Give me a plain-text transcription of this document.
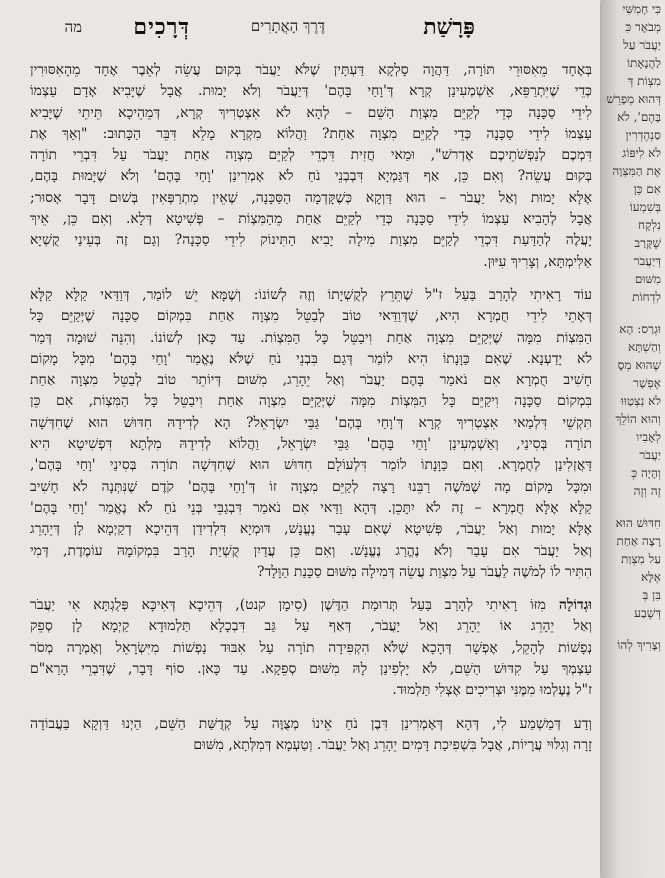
פָּרָשַׁת
דֶּרֶךְ הָאֲתָרִים
דְּרָכִים
מה
בְּאֶחָד מֵאִסּוּרֵי תּוֹרָה, דַּהֲוָה סָלְקָא דַּעְתָּין שֶׁלֹּא יַעֲבֹר בְּקוּם עֲשֵׂה לְאֵבֶר אֶחָד מֵהָאִסּוּרִין
כְּדֵי שֶׁיִּתְרַפֵּא, אַשְׁמְעִינַן קְרָא דְּ'וָחַי בָּהֶם' דְּיַעֲבֹר וְלֹא יָמוּת. אֲבָל שֶׁיָּבִיא אָדָם עַצְמוֹ
לִידֵי סַכָּנָה כְּדֵי לְקַיֵּם מִצְוַת הַשֵּׁם – לְהָא לֹא אִצְטְרִיךְ קְרָא, דְּמֵהֵיכָא תֵּיתֵי שֶׁיָּבִיא
עַצְמוֹ לִידֵי סַכָּנָה כְּדֵי לְקַיֵּם מִצְוָה אַחַת? וַהֲלוֹא מִקְרָא מָלֵא דִּבֵּר הַכָּתוּב: "וְאַךְ אֶת
דִּמְכֶם לְנַפְשֹׁתֵיכֶם אֶדְרשׁ", וּמַאי חֲזִית דִּכְדֵי לְקַיֵּם מִצְוָה אַחַת יַעֲבֹר עַל דִּבְרֵי תוֹרָה
בְּקוּם עֲשֵׂה? וְאִם כֵּן, אַף דְּגַּמְיָא דִּבְבְנֵי נֹחַ לֹא אָמְרִינַן 'וָחַי בָּהֶם' וְלֹא שֶׁיָּמוּת בָּהֶם,
אֶלָּא יָמוּת וְאַל יַעֲבֹר – הוּא דַּוְקָא כְּשֶׁקָּדְמָה הַסַּכָּנָה, שֶׁאֵין מִתְרַפְּאִין בְּשׁוּם דָּבָר אָסוּר;
אֲבָל לְהָבִיא עַצְמוֹ לִידֵי סַכָּנָה כְּדֵי לְקַיֵּם אַחַת מֵהַמִּצְוֹת – פְּשִׁיטָא דְּלָא. וְאִם כֵּן, אֵיךְ
יָעֲלֶה לְהַדַּעַת דִּכְדֵי לְקַיֵּם מִצְוַת מִילָה יָבִיא הַתִּינוֹק לִידֵי סַכָּנָה? וְגַם זֶה בְּעֵינַי קֻשְׁיָא
אַלִּימְתָּא, וְצָרִיךְ עִיּוּן.
עוֹד רָאִיתִי לְהָרַב בַּעַל ז"ל שֶׁתֵּרֵץ לְקֻשְׁיָתוֹ וְזֶה לְשׁוֹנוֹ: וְשֶׁמָּא יֵשׁ לוֹמַר, דְּוַדַּאי קַלָּא קַלָּא
דְּאָתֵי לִידֵי חֻמְרָא הִיא, שֶׁדְּוַדַּאי טוֹב לְבַטֵּל מִצְוָה אַחַת בִּמְקוֹם סַכָּנָה שֶׁיְּקַיֵּם כָּל
הַמִּצְוֹת מִמָּה שֶׁיְּקַיֵּם מִצְוָה אַחַת וִיבַטֵּל כָּל הַמִּצְוֹת. עַד כָּאן לְשׁוֹנוֹ. וְהִנֵּה שׁוּמָה דְּמַר
לֹא יָדַעְנָא. שֶׁאִם כַּוָּנָתוֹ הִיא לוֹמַר דְּגַם בִּבְנֵי נֹחַ שֶׁלֹּא נֶאֱמַר 'וָחַי בָּהֶם' מִכָּל מָקוֹם
חָשִׁיב חֻמְרָא אִם נֹאמַר בָּהֶם יַעֲבֹר וְאַל יֵהָרֵג, מִשּׁוּם דְּיוֹתֵר טוֹב לְבַטֵּל מִצְוָה אַחַת
בִּמְקוֹם סַכָּנָה וִיקַיֵּם כָּל הַמִּצְוֹת מִמָּה שֶׁיְּקַיֵּם מִצְוָה אַחַת וִיבַטֵּל כָּל הַמִּצְוֹת, אִם כֵּן
תִּקְשֵׁי דִּלְמַאי אִצְטְרִיךְ קְרָא דְּ'וָחַי בָּהֶם' גַּבֵּי יִשְׂרָאֵל? הָא לְדִידָהּ חִדּוּשׁ הוּא שֶׁחִדְּשָׁה
תוֹרָה בְּסִינַי, וְאַשְׁמְעִינַן 'וָחַי בָּהֶם' גַּבֵּי יִשְׂרָאֵל, וַהֲלוֹא לְדִידָהּ מִלְּתָא דִּפְשִׁיטָא הִיא
דַּאֲזְלִינַן לְחֻמְרָא. וְאִם כַּוָּנָתוֹ לוֹמַר דִּלְעוֹלָם חִדּוּשׁ הוּא שֶׁחִדְּשָׁה תוֹרָה בְּסִינַי 'וָחַי בָּהֶם',
וּמִכָּל מָקוֹם מָה שֶׁמֹּשֶׁה רַבֵּנוּ רָצָה לְקַיֵּם מִצְוָה זוֹ דְּ'וָחַי בָּהֶם' קֹדֶם שֶׁנִּתְּנָה לֹא חָשִׁיב
קַלָּא אֶלָּא חֻמְרָא – זֶה לֹא יִתָּכֵן. דְּהָא וַדַּאי אִם נֹאמַר דִּבְגַבֵּי בְּנֵי נֹחַ לֹא נֶאֱמַר 'וָחַי בָּהֶם'
אֶלָּא יָמוּת וְאַל יַעֲבֹר, פְּשִׁיטָא שֶׁאִם עָבַר נֶעֱנָשׁ, דּוּמְיָא דִּלְדִידַן דְּהֵיכָא דְקַיְמָא לָן דְּיֵהָרֵג
וְאַל יַעֲבֹר אִם עָבַר וְלֹא נֶהֱרַג נֶעֱנָשׁ. וְאִם כֵּן עֲדַיִן קֻשְׁיַת הָרַב בִּמְקוֹמָהּ עוֹמֶדֶת, דְּמִי
הִתִּיר לוֹ לְמֹשֶׁה לַעֲבֹר עַל מִצְוַת עֲשֵׂה דְּמִילָה מִשּׁוּם סַכָּנַת הַוָּלָד?
וּגְדוֹלָה מִזּוֹ רָאִיתִי לְהָרַב בַּעַל תְּרוּמַת הַדֶּשֶׁן (סִימָן קנט), דְּהֵיכָא דְּאִיכָּא פְּלֻגְתָּא אִי יַעֲבֹר
וְאַל יֵהָרֵג אוֹ יֵהָרֵג וְאַל יַעֲבֹר, דְּאַף עַל גַּב דִּבְכָלָא תַּלְמוּדָא קַיְמָא לָן סְפֵק
נְפָשׁוֹת לְהָקֵל, אֶפְשָׁר דְּהָכָא שֶׁלֹּא הִקְפִּידָה תוֹרָה עַל אִבּוּד נַפְשׁוֹת מִיִּשְׂרָאֵל וְאָמְרָה מְסֹר
עַצְמְךָ עַל קִדּוּשׁ הַשֵּׁם, לֹא יָלְפִינַן לָהּ מִשּׁוּם סְפֵקָא. עַד כָּאן. סוֹף דָּבָר, שֶׁדִּבְרֵי הָרַא"ם
ז"ל נֶעֶלְמוּ מִמֶּנִּי וּצְרִיכִים אֶצְלִי תַּלְמוּד.
וְדַע דְּמַשְׁמַע לִי, דְּהָא דְּאָמְרִינַן דִּבֶן נֹחַ אֵינוֹ מְצֻוֶּה עַל קְדֻשַּׁת הַשֵּׁם, הַיְנוּ דַּוְקָא בַּעֲבוֹדָה
זָרָה וְגִלּוּי עֲרָיוֹת, אֲבָל בִּשְׁפִיכַת דָּמִים יֵהָרֵג וְאַל יַעֲבֹר. וְטַעְמָא דְּמִלְּתָא, מִשּׁוּם
כִּי חָמִשִּׁי
מְבֹאָר כִּ
יַעֲבֹר עַל
לַהֲנָאָתוֹ
מִצְוֹת דְּ
דְּהוּא מְפָרֵשׁ
בָּהֶם', לֹא
סַנְהֶדְרִין
לֹא לִיפּוֹג
אֶת הַמִּצְוָה
אִם כֵּן
בְּשִׁמְעוֹ
נִלְקָח
שֶׁקָּרַב
דְּיַעֲבֹר
מִשּׁוּם
לִדְחוֹת
וּגְרַס: הָא
וְהַשְׁתָּא
שֶׁהוּא מְסָ
אֶפְשָׁר
לֹא נִצְטַוּוּ
וְהוּא הוֹלֵךְ
לְאָבִיו
יַעֲבֹר
וְהָיָה כְּ
זֶה וְזֶה
חִדּוּשׁ הוּא
רָצָה אַחַת
עַל מִצְוַת
אֶלָּא
בִּן בְּ
דְּשֶׁבַע
וְצָרִיךְ לְהוֹ
